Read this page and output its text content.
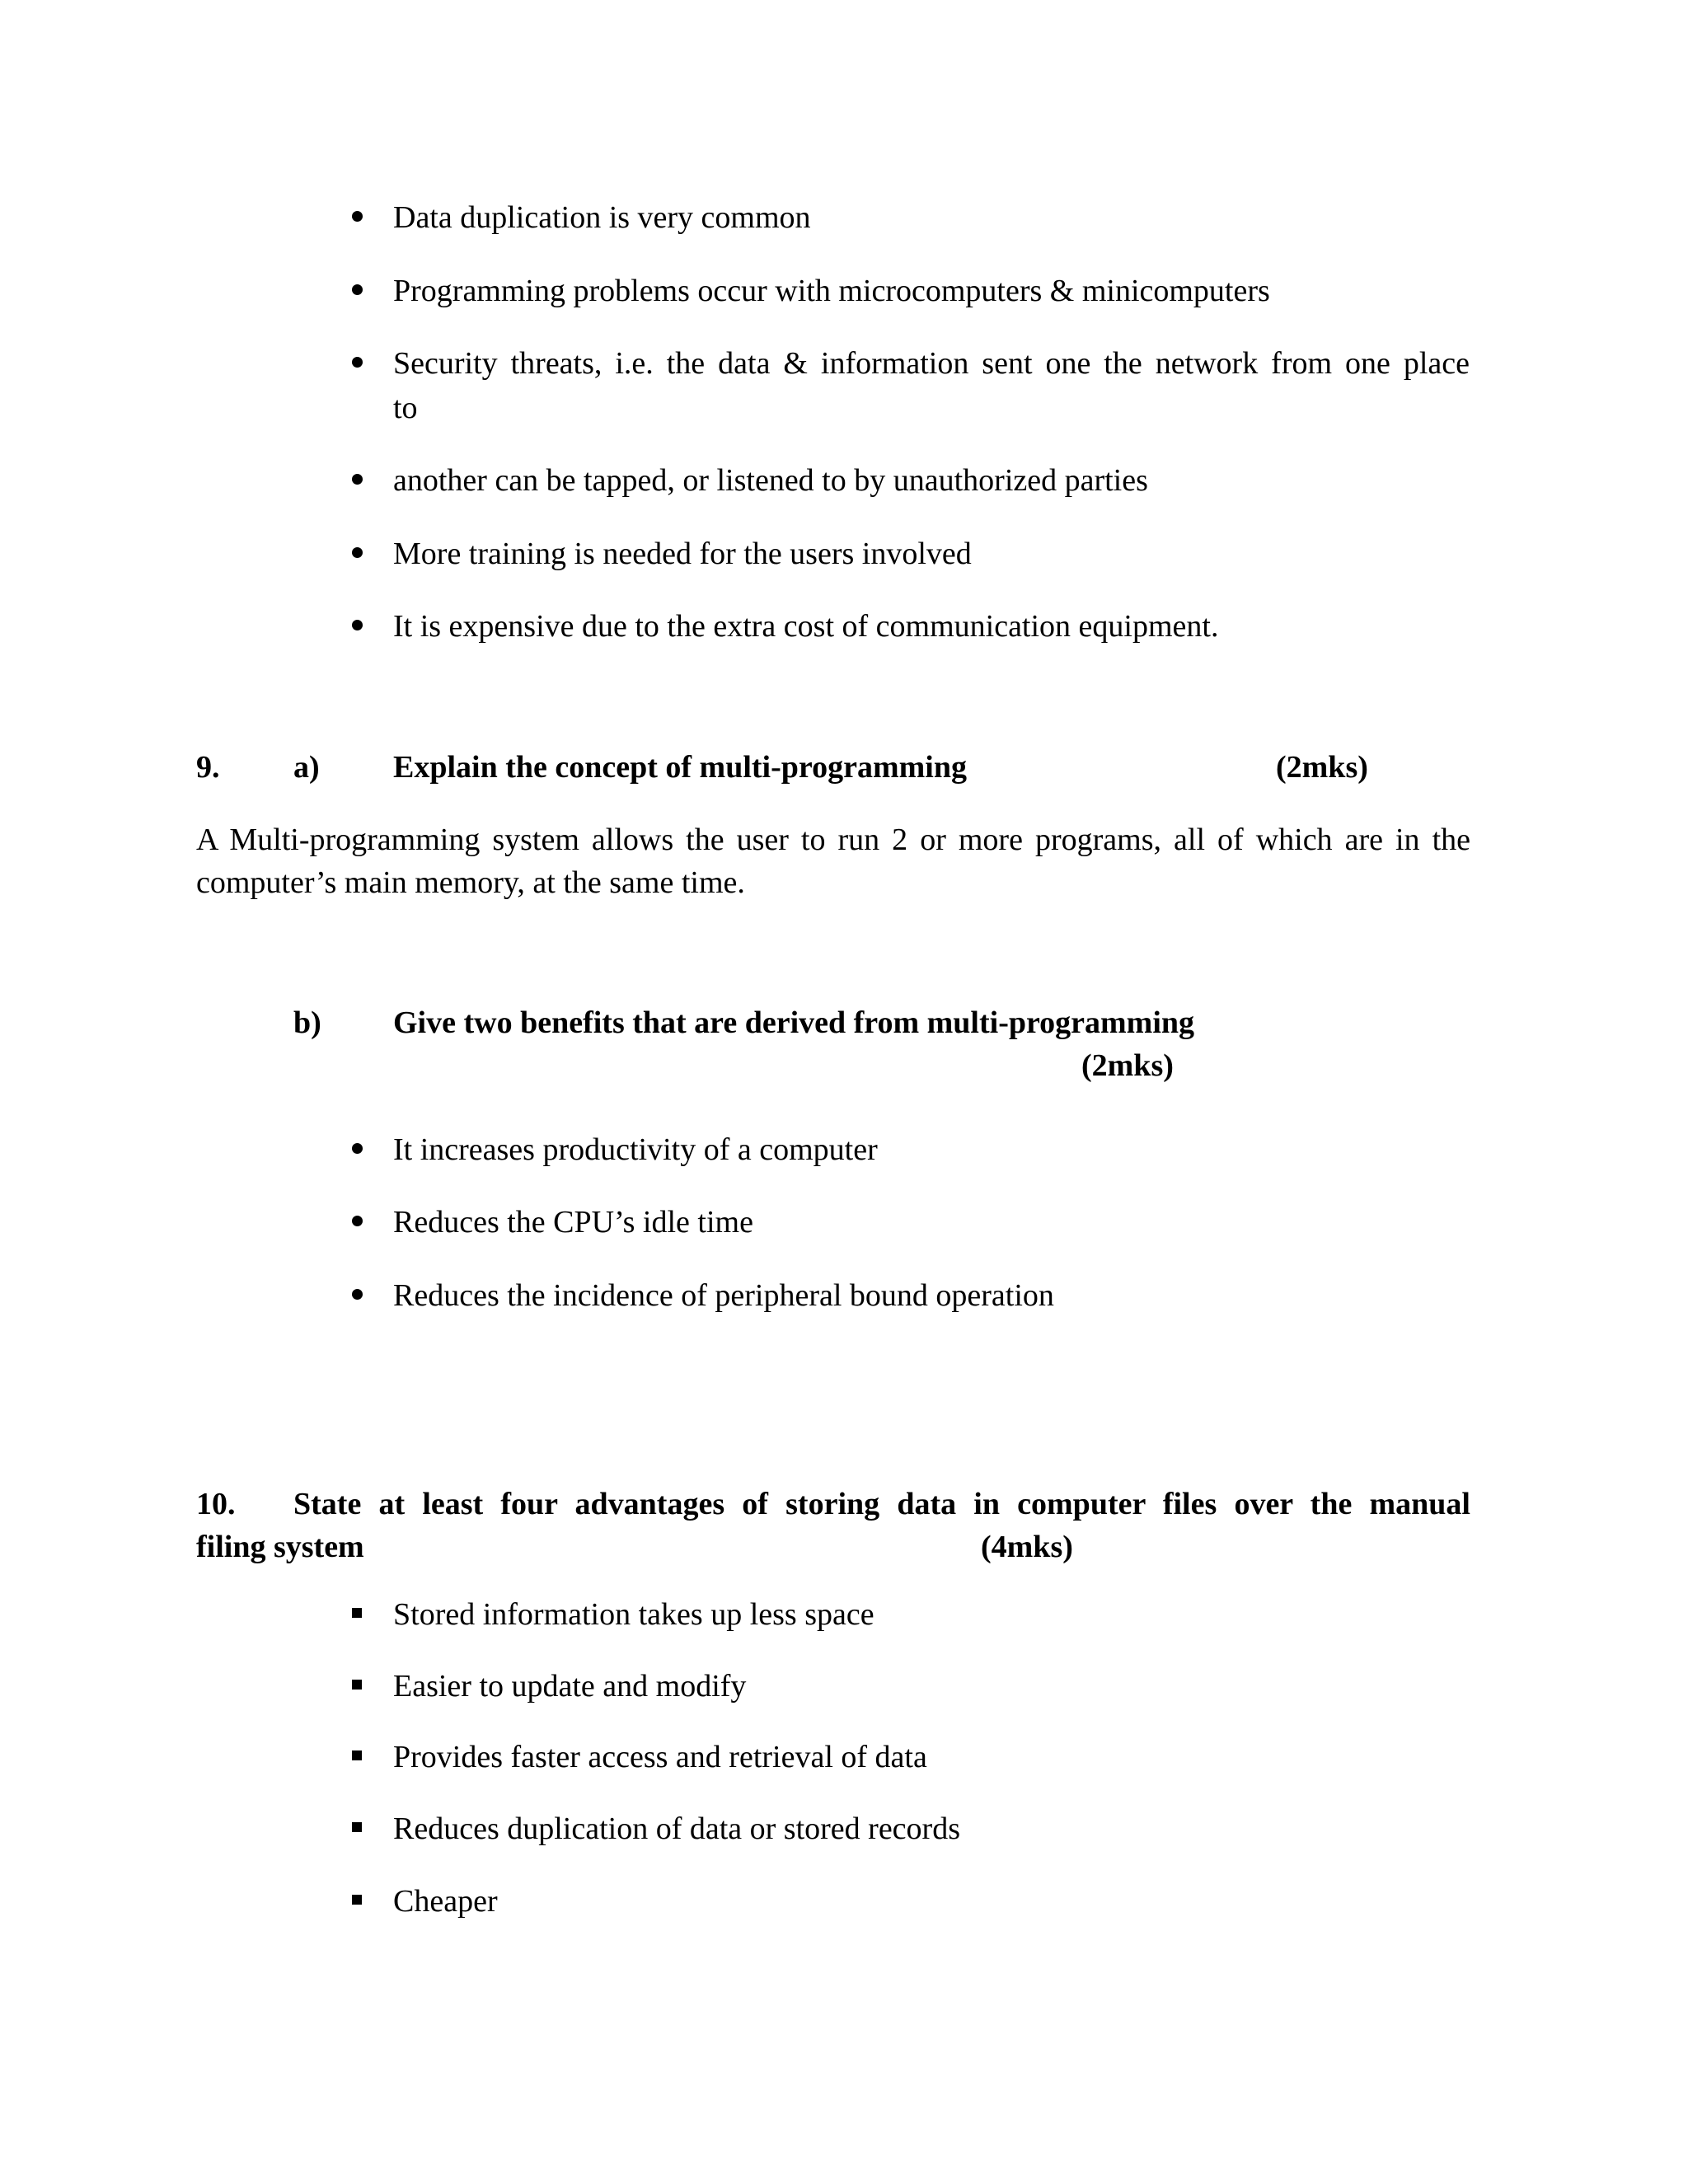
Data duplication is very common
Programming problems occur with microcomputers & minicomputers
Security threats, i.e. the data & information sent one the network from one place
to
another can be tapped, or listened to by unauthorized parties
More training is needed for the users involved
It is expensive due to the extra cost of communication equipment.
9. a) Explain the concept of multi-programming	(2mks)
A Multi-programming system allows the user to run 2 or more programs, all of which are in the
computer’s main memory, at the same time.
b) Give two benefits that are derived from multi-programming
(2mks)
It increases productivity of a computer
Reduces the CPU’s idle time
Reduces the incidence of peripheral bound operation
10. State at least four advantages of storing data in computer files over the manual
filing system	(4mks)
Stored information takes up less space
Easier to update and modify
Provides faster access and retrieval of data
Reduces duplication of data or stored records
Cheaper
